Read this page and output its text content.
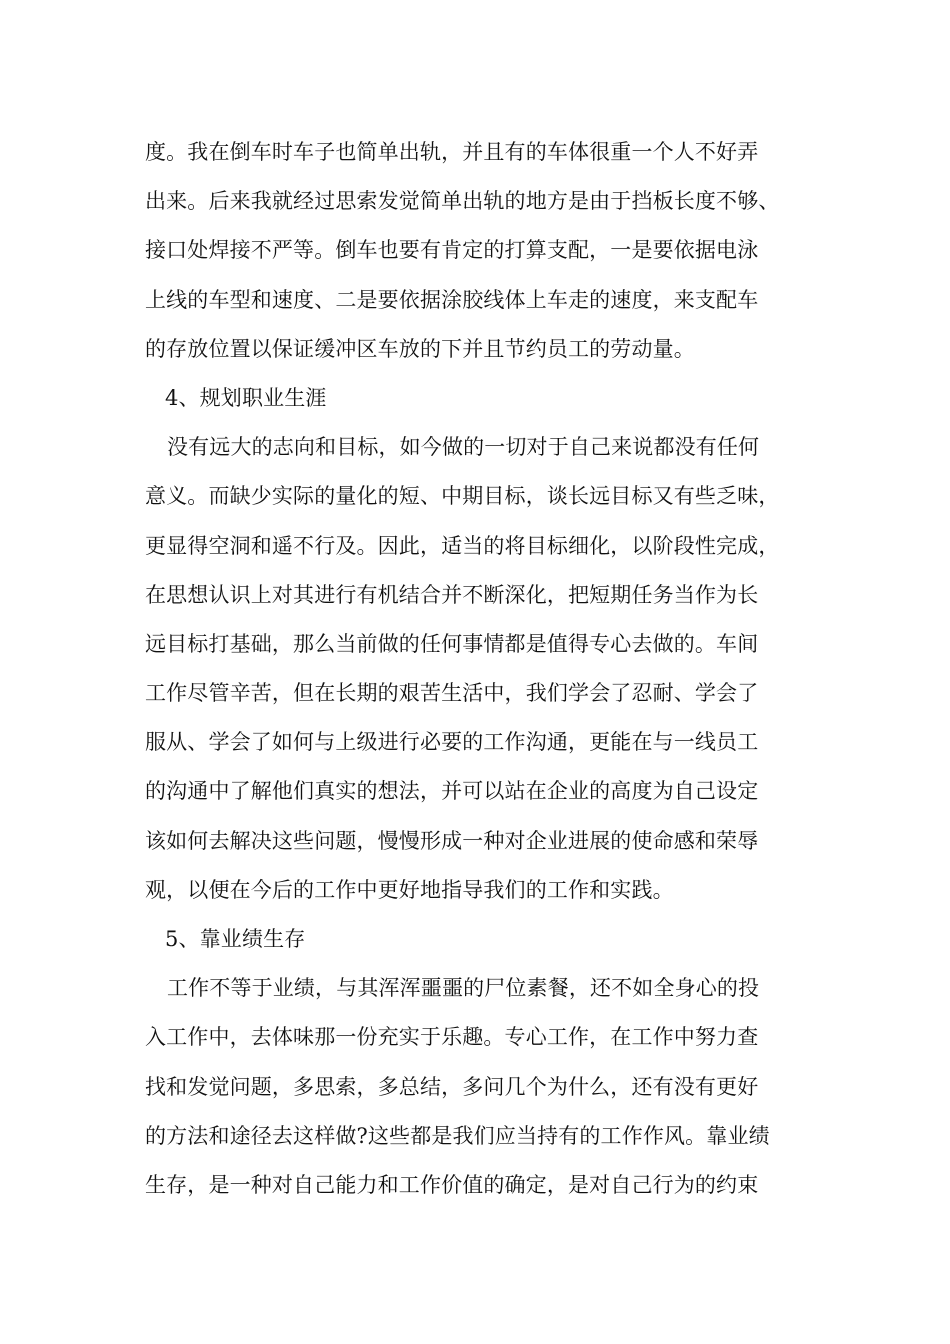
度。我在倒车时车子也简单出轨，并且有的车体很重一个人不好弄
出来。后来我就经过思索发觉简单出轨的地方是由于挡板长度不够、
接口处焊接不严等。倒车也要有肯定的打算支配，一是要依据电泳
上线的车型和速度、二是要依据涂胶线体上车走的速度，来支配车
的存放位置以保证缓冲区车放的下并且节约员工的劳动量。
4、规划职业生涯
没有远大的志向和目标，如今做的一切对于自己来说都没有任何
意义。而缺少实际的量化的短、中期目标，谈长远目标又有些乏味，
更显得空洞和遥不行及。因此，适当的将目标细化，以阶段性完成，
在思想认识上对其进行有机结合并不断深化，把短期任务当作为长
远目标打基础，那么当前做的任何事情都是值得专心去做的。车间
工作尽管辛苦，但在长期的艰苦生活中，我们学会了忍耐、学会了
服从、学会了如何与上级进行必要的工作沟通，更能在与一线员工
的沟通中了解他们真实的想法，并可以站在企业的高度为自己设定
该如何去解决这些问题，慢慢形成一种对企业进展的使命感和荣辱
观，以便在今后的工作中更好地指导我们的工作和实践。
5、靠业绩生存
工作不等于业绩，与其浑浑噩噩的尸位素餐，还不如全身心的投
入工作中，去体味那一份充实于乐趣。专心工作，在工作中努力查
找和发觉问题，多思索，多总结，多问几个为什么，还有没有更好
的方法和途径去这样做?这些都是我们应当持有的工作作风。靠业绩
生存，是一种对自己能力和工作价值的确定，是对自己行为的约束
